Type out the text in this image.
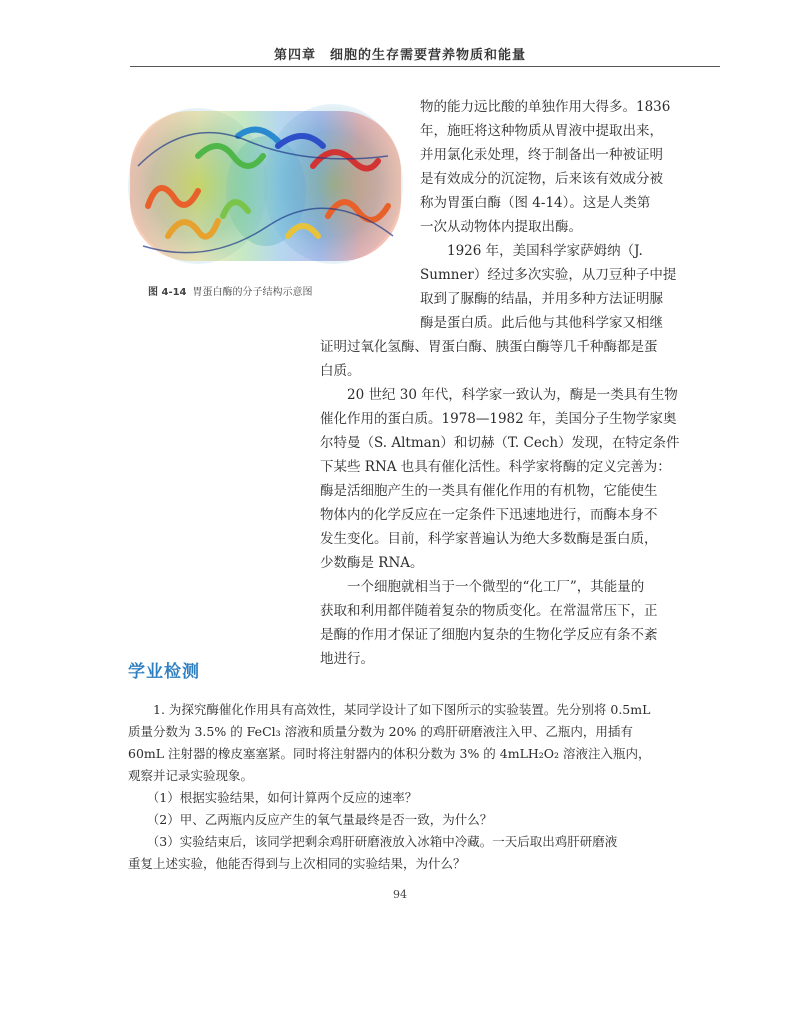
第四章　细胞的生存需要营养物质和能量
图 4-14 胃蛋白酶的分子结构示意图
物的能力远比酸的单独作用大得多。1836
年，施旺将这种物质从胃液中提取出来，
并用氯化汞处理，终于制备出一种被证明
是有效成分的沉淀物，后来该有效成分被
称为胃蛋白酶（图 4-14）。这是人类第
一次从动物体内提取出酶。
　　1926 年，美国科学家萨姆纳（J.
Sumner）经过多次实验，从刀豆种子中提
取到了脲酶的结晶，并用多种方法证明脲
酶是蛋白质。此后他与其他科学家又相继
证明过氧化氢酶、胃蛋白酶、胰蛋白酶等几千种酶都是蛋
白质。
　　20 世纪 30 年代，科学家一致认为，酶是一类具有生物
催化作用的蛋白质。1978—1982 年，美国分子生物学家奥
尔特曼（S. Altman）和切赫（T. Cech）发现，在特定条件
下某些 RNA 也具有催化活性。科学家将酶的定义完善为：
酶是活细胞产生的一类具有催化作用的有机物，它能使生
物体内的化学反应在一定条件下迅速地进行，而酶本身不
发生变化。目前，科学家普遍认为绝大多数酶是蛋白质，
少数酶是 RNA。
　　一个细胞就相当于一个微型的“化工厂”，其能量的
获取和利用都伴随着复杂的物质变化。在常温常压下，正
是酶的作用才保证了细胞内复杂的生物化学反应有条不紊
地进行。
学业检测
　　1. 为探究酶催化作用具有高效性，某同学设计了如下图所示的实验装置。先分别将 0.5mL
质量分数为 3.5% 的 FeCl₃ 溶液和质量分数为 20% 的鸡肝研磨液注入甲、乙瓶内，用插有
60mL 注射器的橡皮塞塞紧。同时将注射器内的体积分数为 3% 的 4mLH₂O₂ 溶液注入瓶内，
观察并记录实验现象。
　　（1）根据实验结果，如何计算两个反应的速率？
　　（2）甲、乙两瓶内反应产生的氧气量最终是否一致，为什么？
　　（3）实验结束后，该同学把剩余鸡肝研磨液放入冰箱中冷藏。一天后取出鸡肝研磨液
重复上述实验，他能否得到与上次相同的实验结果，为什么？
94
